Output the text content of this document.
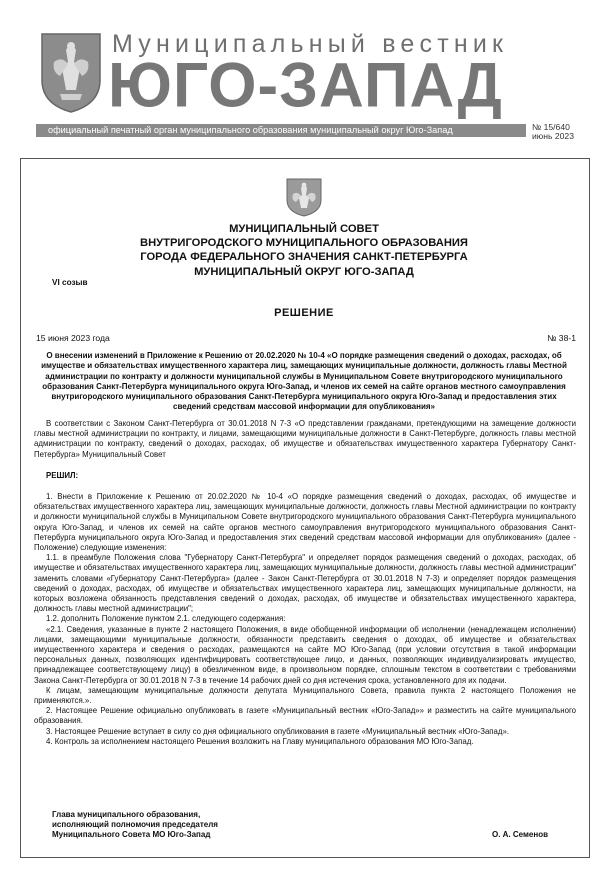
Муниципальный вестник
ЮГО-ЗАПАД
официальный печатный орган муниципального образования муниципальный округ Юго-Запад	№ 15/640
июнь 2023
МУНИЦИПАЛЬНЫЙ СОВЕТ
ВНУТРИГОРОДСКОГО МУНИЦИПАЛЬНОГО ОБРАЗОВАНИЯ
ГОРОДА ФЕДЕРАЛЬНОГО ЗНАЧЕНИЯ САНКТ-ПЕТЕРБУРГА
МУНИЦИПАЛЬНЫЙ ОКРУГ ЮГО-ЗАПАД
VI созыв
РЕШЕНИЕ
15 июня 2023 года	№ 38-1
О внесении изменений в Приложение к Решению от 20.02.2020 № 10-4 «О порядке размещения сведений о доходах, расходах, об имуществе и обязательствах имущественного характера лиц, замещающих муниципальные должности, должность главы Местной администрации по контракту и должности муниципальной службы в Муниципальном Совете внутригородского муниципального образования Санкт-Петербурга муниципального округа Юго-Запад, и членов их семей на сайте органов местного самоуправления внутригородского муниципального образования Санкт-Петербурга муниципального округа Юго-Запад и предоставления этих сведений средствам массовой информации для опубликования»

В соответствии с Законом Санкт-Петербурга от 30.01.2018 N 7-3 «О представлении гражданами, претендующими на замещение должности главы местной администрации по контракту, и лицами, замещающими муниципальные должности в Санкт-Петербурге, должность главы местной администрации по контракту, сведений о доходах, расходах, об имуществе и обязательствах имущественного характера Губернатору Санкт-Петербурга» Муниципальный Совет

РЕШИЛ:

1. Внести в Приложение к Решению от 20.02.2020 № 10-4 «О порядке размещения сведений о доходах, расходах, об имуществе и обязательствах имущественного характера лиц, замещающих муниципальные должности, должность главы Местной администрации по контракту и должности муниципальной службы в Муниципальном Совете внутригородского муниципального образования Санкт-Петербурга муниципального округа Юго-Запад, и членов их семей на сайте органов местного самоуправления внутригородского муниципального образования Санкт-Петербурга муниципального округа Юго-Запад и предоставления этих сведений средствам массовой информации для опубликования» (далее - Положение) следующие изменения:

1.1. в преамбуле Положения слова "Губернатору Санкт-Петербурга" и определяет порядок размещения сведений о доходах, расходах, об имуществе и обязательствах имущественного характера лиц, замещающих муниципальные должности, должность главы местной администрации" заменить словами «Губернатору Санкт-Петербурга» (далее - Закон Санкт-Петербурга от 30.01.2018 N 7-3) и определяет порядок размещения сведений о доходах, расходах, об имуществе и обязательствах имущественного характера лиц, замещающих муниципальные должности, на которых возложена обязанность представления сведений о доходах, расходах, об имуществе и обязательствах имущественного характера, должность главы местной администрации";

1.2. дополнить Положение пунктом 2.1. следующего содержания:

«2.1. Сведения, указанные в пункте 2 настоящего Положения, в виде обобщенной информации об исполнении (ненадлежащем исполнении) лицами, замещающими муниципальные должности, обязанности представить сведения о доходах, об имуществе и обязательствах имущественного характера и сведения о расходах, размещаются на сайте МО Юго-Запад (при условии отсутствия в такой информации персональных данных, позволяющих идентифицировать соответствующее лицо, и данных, позволяющих индивидуализировать имущество, принадлежащее соответствующему лицу) в обезличенном виде, в произвольном порядке, сплошным текстом в соответствии с требованиями Закона Санкт-Петербурга от 30.01.2018 N 7-3 в течение 14 рабочих дней со дня истечения срока, установленного для их подачи.

К лицам, замещающим муниципальные должности депутата Муниципального Совета, правила пункта 2 настоящего Положения не применяются.».

2. Настоящее Решение официально опубликовать в газете «Муниципальный вестник «Юго-Запад»» и разместить на сайте муниципального образования.

3. Настоящее Решение вступает в силу со дня официального опубликования в газете «Муниципальный вестник «Юго-Запад».

4. Контроль за исполнением настоящего Решения возложить на Главу муниципального образования МО Юго-Запад.

Глава муниципального образования,
исполняющий полномочия председателя
Муниципального Совета МО Юго-Запад	О. А. Семенов
